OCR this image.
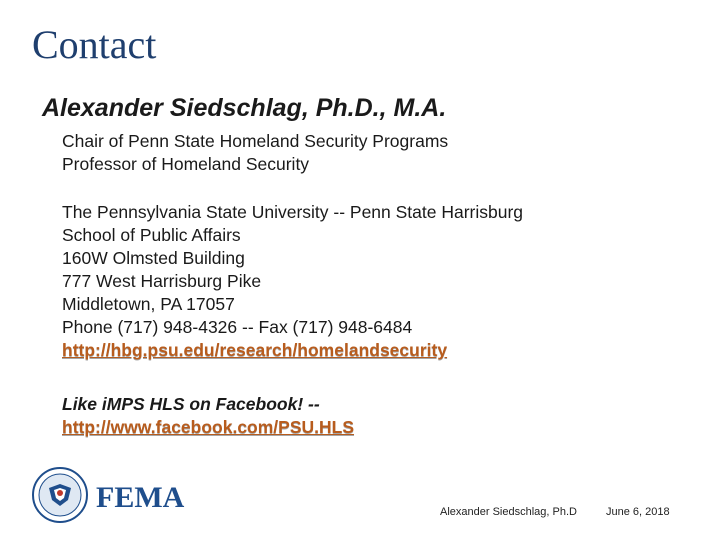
Contact
Alexander Siedschlag, Ph.D., M.A.
Chair of Penn State Homeland Security Programs
Professor of Homeland Security
The Pennsylvania State University -- Penn State Harrisburg
School of Public Affairs
160W Olmsted Building
777 West Harrisburg Pike
Middletown, PA 17057
Phone (717) 948-4326 -- Fax (717) 948-6484
http://hbg.psu.edu/research/homelandsecurity
Like iMPS HLS on Facebook! --
http://www.facebook.com/PSU.HLS
FEMA	Alexander Siedschlag, Ph.D	June 6, 2018
